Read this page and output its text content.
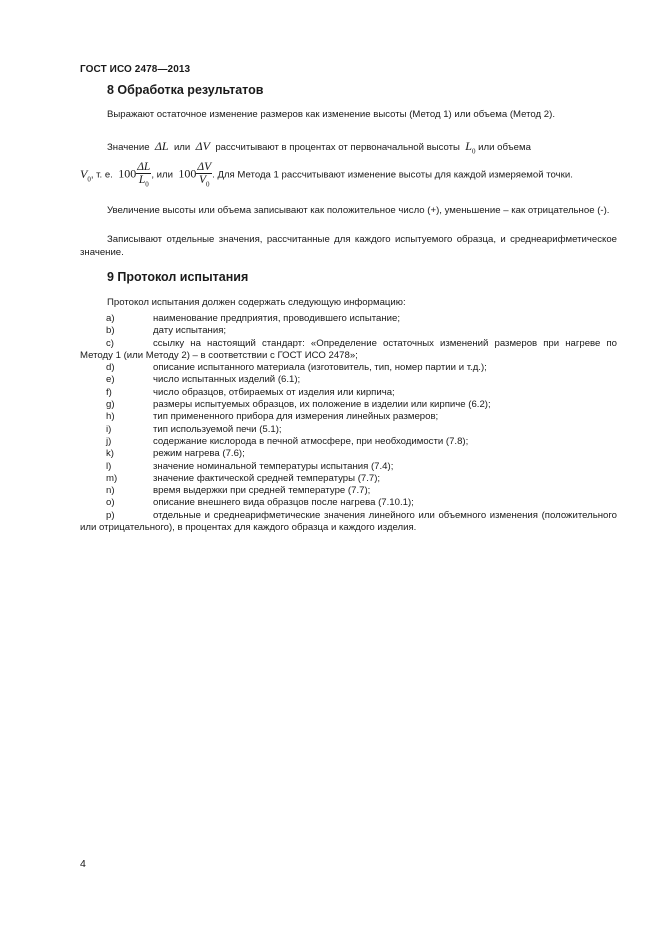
ГОСТ ИСО 2478—2013
8 Обработка результатов

Выражают остаточное изменение размеров как изменение высоты (Метод 1) или объема (Метод 2).

Значение ΔL или ΔV рассчитывают в процентах от первоначальной высоты $L_0$ или объема
$V_0$, т. е. $100 \frac{\Delta L}{L_0}$ , или $100 \frac{\Delta V}{V_0}$ . Для Метода 1 рассчитывают изменение высоты для каждой измеряемой точки.

Увеличение высоты или объема записывают как положительное число (+), уменьшение – как отрицательное (-).

Записывают отдельные значения, рассчитанные для каждого испытуемого образца, и среднеарифметическое значение.

9 Протокол испытания

Протокол испытания должен содержать следующую информацию:

a)	наименование предприятия, проводившего испытание;
b)	дату испытания;
c)	ссылку на настоящий стандарт: «Определение остаточных изменений размеров при нагреве по Методу 1 (или Методу 2) – в соответствии с ГОСТ ИСО 2478»;
d)	описание испытанного материала (изготовитель, тип, номер партии и т.д.);
e)	число испытанных изделий (6.1);
f)	число образцов, отбираемых от изделия или кирпича;
g)	размеры испытуемых образцов, их положение в изделии или кирпиче (6.2);
h)	тип примененного прибора для измерения линейных размеров;
i)	тип используемой печи (5.1);
j)	содержание кислорода в печной атмосфере, при необходимости (7.8);
k)	режим нагрева (7.6);
l)	значение номинальной температуры испытания (7.4);
m)	значение фактической средней температуры (7.7);
n)	время выдержки при средней температуре (7.7);
o)	описание внешнего вида образцов после нагрева (7.10.1);
p)	отдельные и среднеарифметические значения линейного или объемного изменения (положительного или отрицательного), в процентах для каждого образца и каждого изделия.
4
